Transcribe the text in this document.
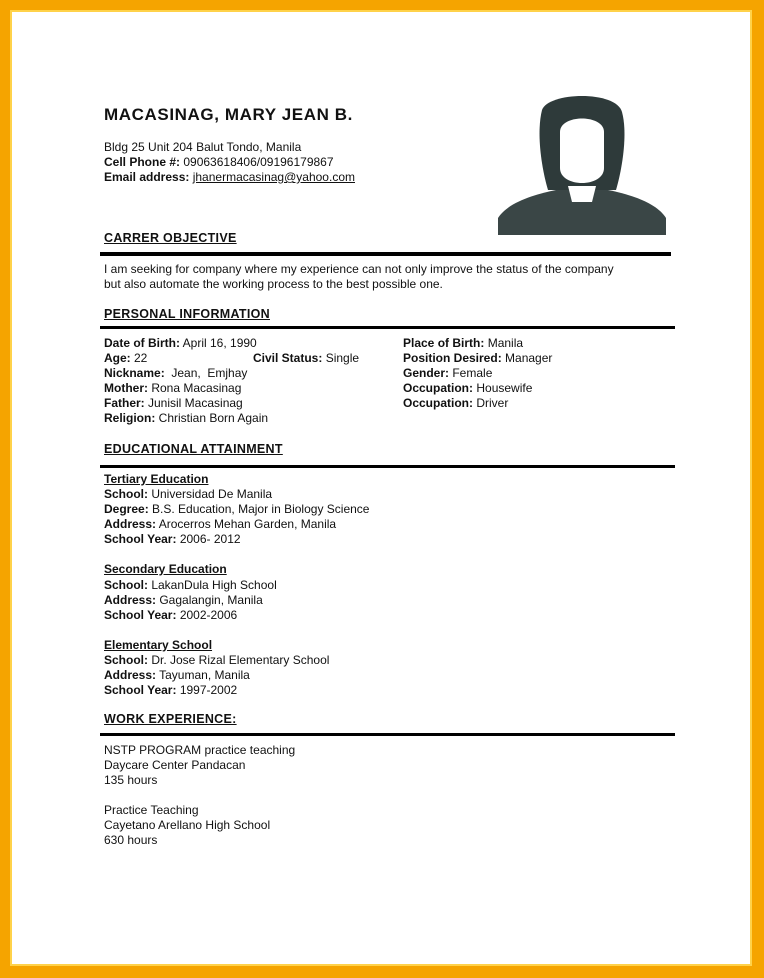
MACASINAG, MARY JEAN B.
Bldg 25 Unit 204 Balut Tondo, Manila
Cell Phone #: 09063618406/09196179867
Email address: jhanermacasinag@yahoo.com
CARRER OBJECTIVE
I am seeking for company where my experience can not only improve the status of the company
but also automate the working process to the best possible one.
PERSONAL INFORMATION
Date of Birth: April 16, 1990
Age: 22	Civil Status: Single
Nickname:  Jean,  Emjhay
Mother: Rona Macasinag
Father: Junisil Macasinag
Religion: Christian Born Again
Place of Birth: Manila
Position Desired: Manager
Gender: Female
Occupation: Housewife
Occupation: Driver
EDUCATIONAL ATTAINMENT
Tertiary Education
School: Universidad De Manila
Degree: B.S. Education, Major in Biology Science
Address: Arocerros Mehan Garden, Manila
School Year: 2006- 2012
Secondary Education
School: LakanDula High School
Address: Gagalangin, Manila
School Year: 2002-2006
Elementary School
School: Dr. Jose Rizal Elementary School
Address: Tayuman, Manila
School Year: 1997-2002
WORK EXPERIENCE:
NSTP PROGRAM practice teaching
Daycare Center Pandacan
135 hours
Practice Teaching
Cayetano Arellano High School
630 hours
